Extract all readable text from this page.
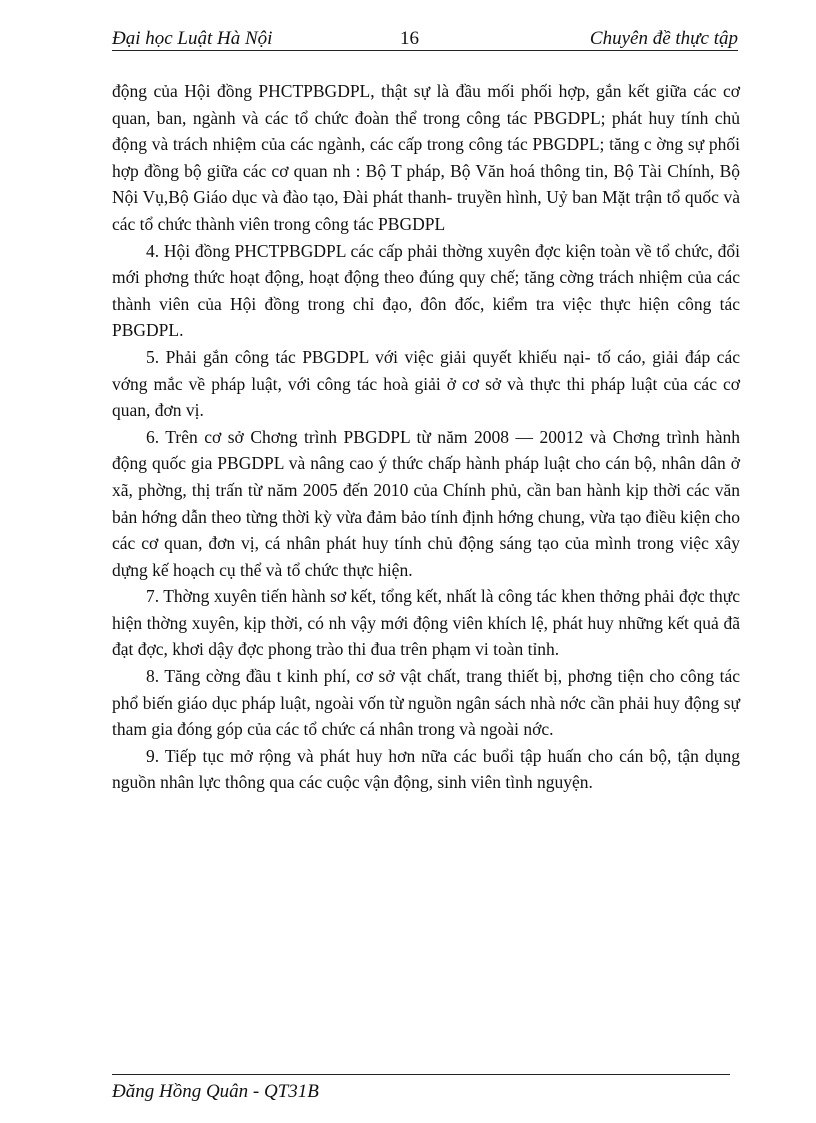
Đại học Luật Hà Nội	16	Chuyên đề thực tập

động của Hội đồng PHCTPBGDPL, thật sự là đầu mối phối hợp, gắn kết giữa các cơ quan, ban, ngành và các tổ chức đoàn thể trong công tác PBGDPL; phát huy tính chủ động và trách nhiệm của các ngành, các cấp trong công tác PBGDPL; tăng c ờng sự phối hợp đồng bộ giữa các cơ quan nh : Bộ T pháp, Bộ Văn hoá thông tin, Bộ Tài Chính, Bộ Nội Vụ,Bộ Giáo dục và đào tạo, Đài phát thanh- truyền hình, Uỷ ban Mặt trận tổ quốc và các tổ chức thành viên trong công tác PBGDPL

4. Hội đồng PHCTPBGDPL các cấp phải thờng xuyên đợc kiện toàn về tổ chức, đổi mới phơng thức hoạt động, hoạt động theo đúng quy chế; tăng cờng trách nhiệm của các thành viên của Hội đồng trong chỉ đạo, đôn đốc, kiểm tra việc thực hiện công tác PBGDPL.

5. Phải gắn công tác PBGDPL với việc giải quyết khiếu nại- tố cáo, giải đáp các vớng mắc về pháp luật, với công tác hoà giải ở cơ sở và thực thi pháp luật của các cơ quan, đơn vị.

6. Trên cơ sở Chơng trình PBGDPL từ năm 2008 — 20012 và Chơng trình hành động quốc gia PBGDPL và nâng cao ý thức chấp hành pháp luật cho cán bộ, nhân dân ở xã, phờng, thị trấn từ năm 2005 đến 2010 của Chính phủ, cần ban hành kịp thời các văn bản hớng dẫn theo từng thời kỳ vừa đảm bảo tính định hớng chung, vừa tạo điều kiện cho các cơ quan, đơn vị, cá nhân phát huy tính chủ động sáng tạo của mình trong việc xây dựng kế hoạch cụ thể và tổ chức thực hiện.

7. Thờng xuyên tiến hành sơ kết, tổng kết, nhất là công tác khen thởng phải đợc thực hiện thờng xuyên, kịp thời, có nh vậy mới động viên khích lệ, phát huy những kết quả đã đạt đợc, khơi dậy đợc phong trào thi đua trên phạm vi toàn tỉnh.

8. Tăng cờng đầu t kinh phí, cơ sở vật chất, trang thiết bị, phơng tiện cho công tác phổ biến giáo dục pháp luật, ngoài vốn từ nguồn ngân sách nhà nớc cần phải huy động sự tham gia đóng góp của các tổ chức cá nhân trong và ngoài nớc.

9. Tiếp tục mở rộng và phát huy hơn nữa các buổi tập huấn cho cán bộ, tận dụng nguồn nhân lực thông qua các cuộc vận động, sinh viên tình nguyện.

Đăng Hồng Quân - QT31B
